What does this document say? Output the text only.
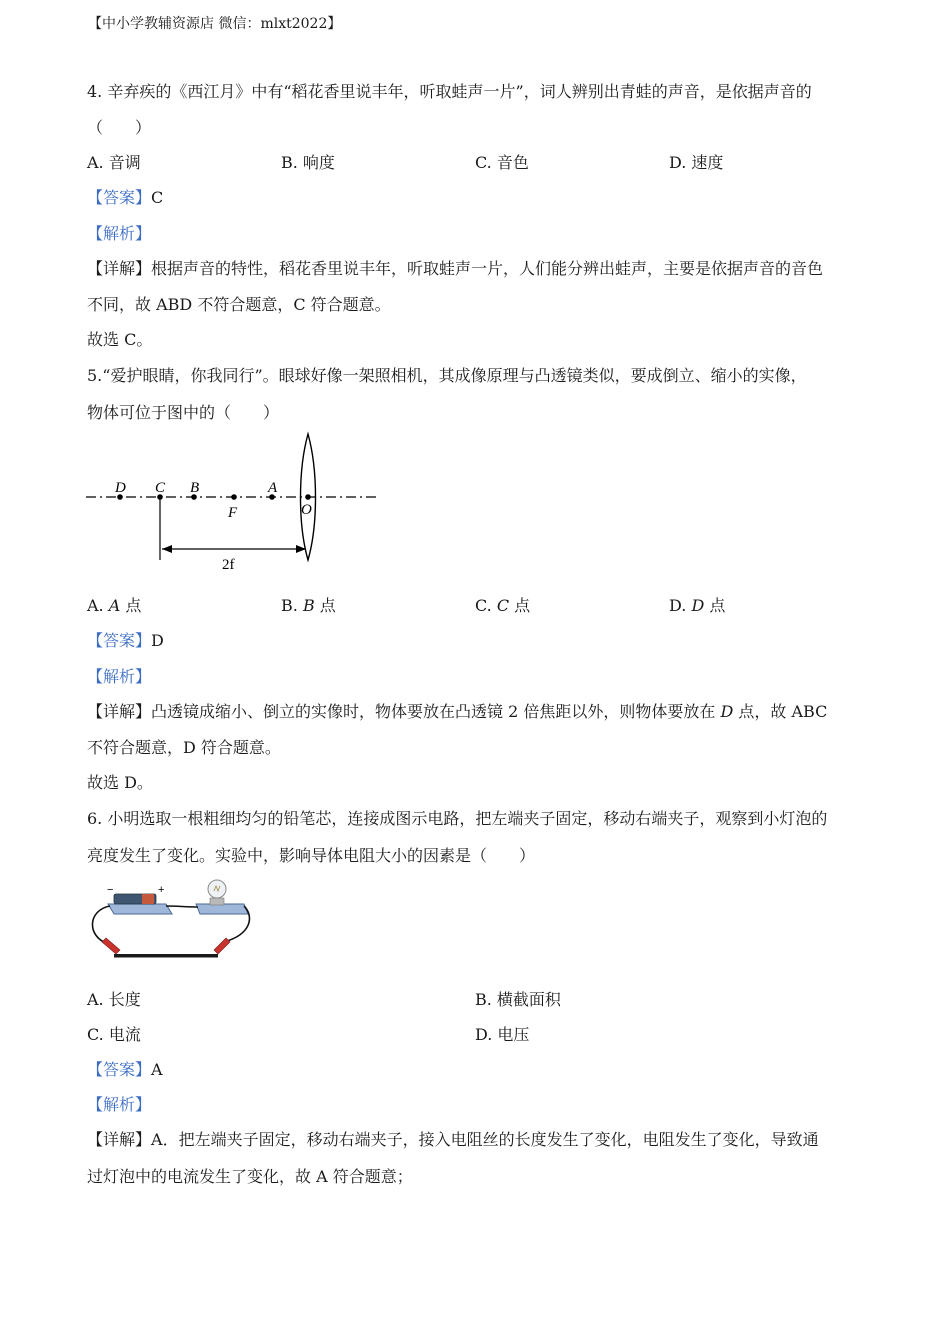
【中小学教辅资源店 微信：mlxt2022】
4. 辛弃疾的《西江月》中有“稻花香里说丰年，听取蛙声一片”，词人辨别出青蛙的声音，是依据声音的
（　　）
A. 音调	B. 响度	C. 音色	D. 速度
【答案】C
【解析】
【详解】根据声音的特性，稻花香里说丰年，听取蛙声一片，人们能分辨出蛙声，主要是依据声音的音色
不同，故 ABD 不符合题意，C 符合题意。
故选 C。
5.“爱护眼睛，你我同行”。眼球好像一架照相机，其成像原理与凸透镜类似，要成倒立、缩小的实像，
物体可位于图中的（　　）
D C B
F
A
O
2f
A. A 点	B. B 点	C. C 点	D. D 点
【答案】D
【解析】
【详解】凸透镜成缩小、倒立的实像时，物体要放在凸透镜 2 倍焦距以外，则物体要放在 D 点，故 ABC
不符合题意，D 符合题意。
故选 D。
6. 小明选取一根粗细均匀的铅笔芯，连接成图示电路，把左端夹子固定，移动右端夹子，观察到小灯泡的
亮度发生了变化。实验中，影响导体电阻大小的因素是（　　）
−	+
A. 长度	B. 横截面积
C. 电流	D. 电压
【答案】A
【解析】
【详解】A．把左端夹子固定，移动右端夹子，接入电阻丝的长度发生了变化，电阻发生了变化，导致通
过灯泡中的电流发生了变化，故 A 符合题意；
